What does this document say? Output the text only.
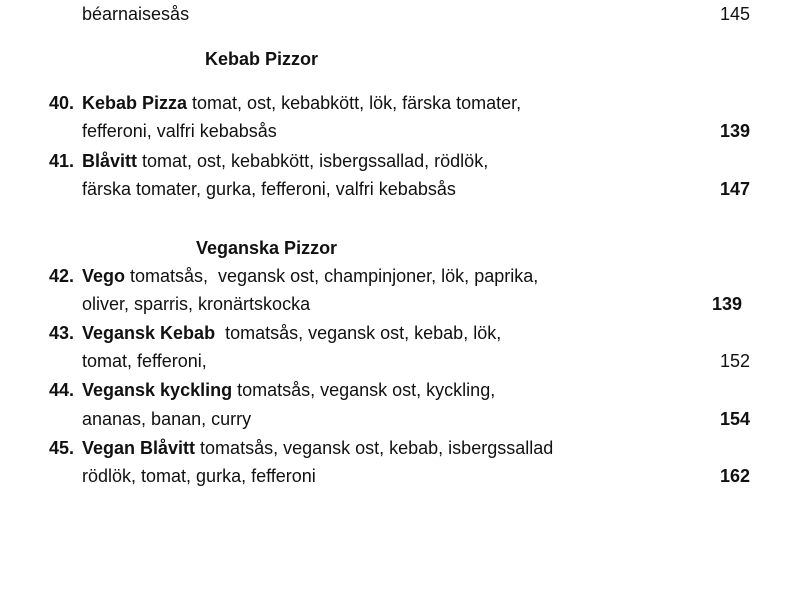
béarnaisesås	145
Kebab Pizzor
40. Kebab Pizza tomat, ost, kebabkött, lök, färska tomater,
fefferoni, valfri kebabsås	139
41. Blåvitt tomat, ost, kebabkött, isbergssallad, rödlök,
färska tomater, gurka, fefferoni, valfri kebabsås	147
Veganska Pizzor
42. Vego tomatsås,  vegansk ost, champinjoner, lök, paprika,
oliver, sparris, kronärtskocka	139
43. Vegansk Kebab  tomatsås, vegansk ost, kebab, lök,
tomat, fefferoni,	152
44. Vegansk kyckling tomatsås, vegansk ost, kyckling,
ananas, banan, curry	154
45. Vegan Blåvitt tomatsås, vegansk ost, kebab, isbergssallad
rödlök, tomat, gurka, fefferoni	162
